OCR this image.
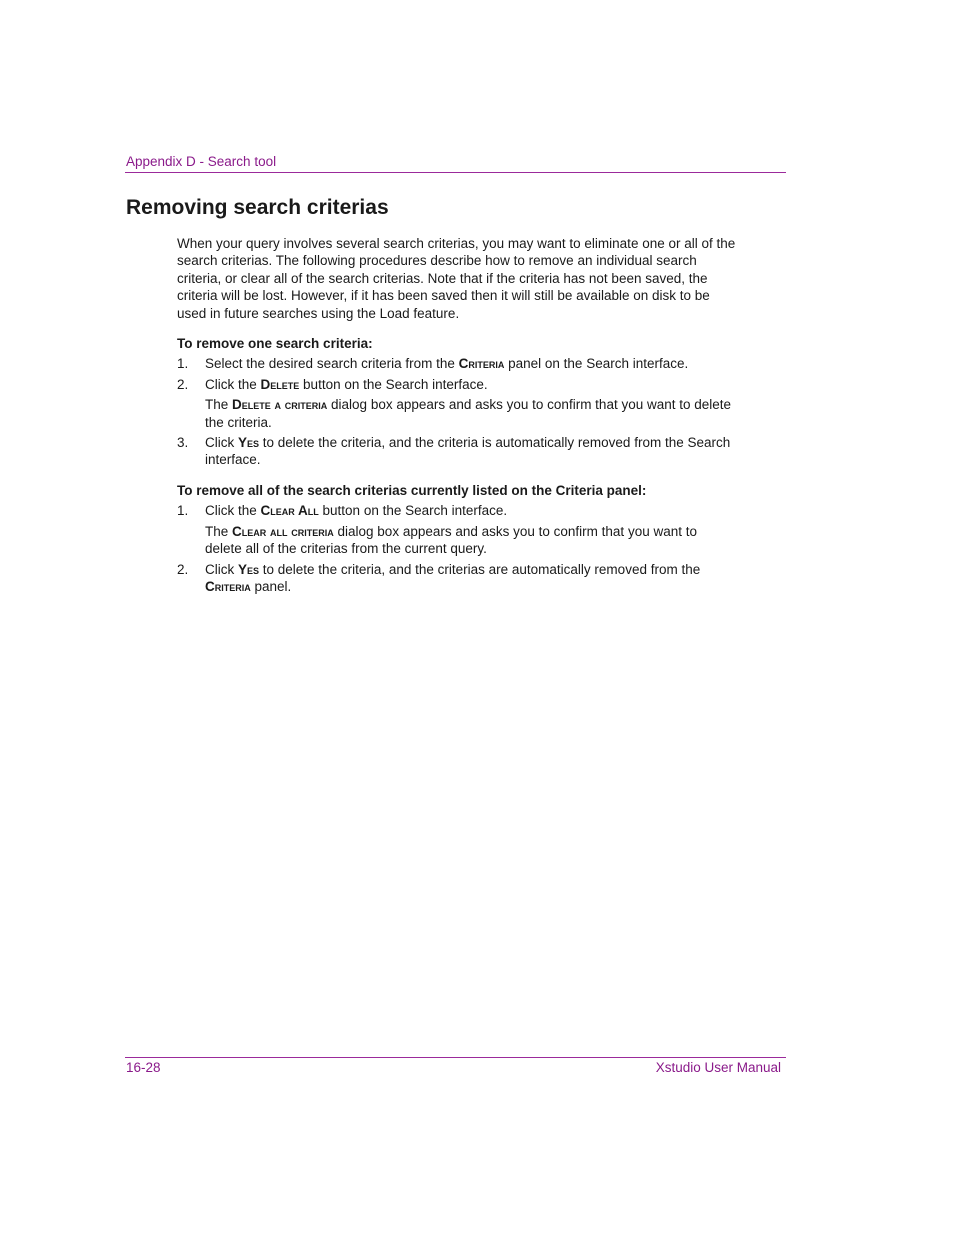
Appendix D - Search tool
Removing search criterias

When your query involves several search criterias, you may want to eliminate one or all of the search criterias. The following procedures describe how to remove an individual search criteria, or clear all of the search criterias. Note that if the criteria has not been saved, the criteria will be lost. However, if it has been saved then it will still be available on disk to be used in future searches using the Load feature.

To remove one search criteria:

1. Select the desired search criteria from the Criteria panel on the Search interface.
2. Click the Delete button on the Search interface.
The Delete a criteria dialog box appears and asks you to confirm that you want to delete the criteria.
3. Click Yes to delete the criteria, and the criteria is automatically removed from the Search interface.

To remove all of the search criterias currently listed on the Criteria panel:

1. Click the Clear All button on the Search interface.
The Clear all criteria dialog box appears and asks you to confirm that you want to delete all of the criterias from the current query.
2. Click Yes to delete the criteria, and the criterias are automatically removed from the Criteria panel.
16-28	Xstudio User Manual
